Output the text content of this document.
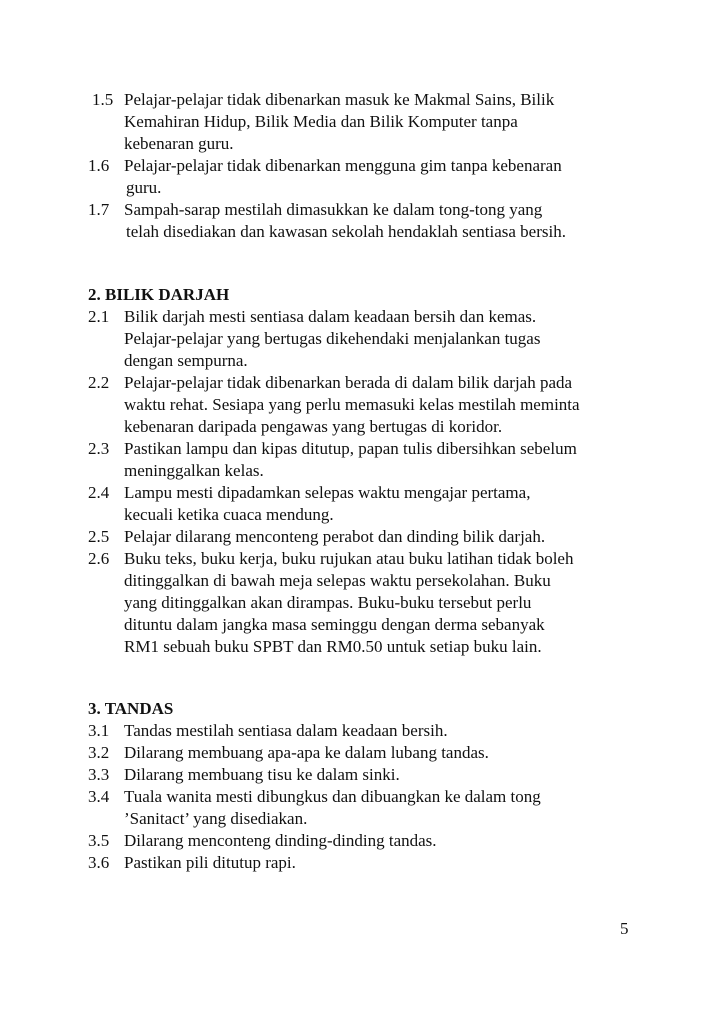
1.5 Pelajar-pelajar tidak dibenarkan masuk ke Makmal Sains, Bilik
Kemahiran Hidup, Bilik Media dan Bilik Komputer tanpa
kebenaran guru.
1.6 Pelajar-pelajar tidak dibenarkan mengguna gim tanpa kebenaran
guru.
1.7 Sampah-sarap mestilah dimasukkan ke dalam tong-tong yang
telah disediakan dan kawasan sekolah hendaklah sentiasa bersih.
2. BILIK DARJAH
2.1 Bilik darjah mesti sentiasa dalam keadaan bersih dan kemas.
Pelajar-pelajar yang bertugas dikehendaki menjalankan tugas
dengan sempurna.
2.2 Pelajar-pelajar tidak dibenarkan berada di dalam bilik darjah pada
waktu rehat. Sesiapa yang perlu memasuki kelas mestilah meminta
kebenaran daripada pengawas yang bertugas di koridor.
2.3 Pastikan lampu dan kipas ditutup, papan tulis dibersihkan sebelum
meninggalkan kelas.
2.4 Lampu mesti dipadamkan selepas waktu mengajar pertama,
kecuali ketika cuaca mendung.
2.5 Pelajar dilarang menconteng perabot dan dinding bilik darjah.
2.6 Buku teks, buku kerja, buku rujukan atau buku latihan tidak boleh
ditinggalkan di bawah meja selepas waktu persekolahan. Buku
yang ditinggalkan akan dirampas. Buku-buku tersebut perlu
dituntu dalam jangka masa seminggu dengan derma sebanyak
RM1 sebuah buku SPBT dan RM0.50 untuk setiap buku lain.
3. TANDAS
3.1 Tandas mestilah sentiasa dalam keadaan bersih.
3.2 Dilarang membuang apa-apa ke dalam lubang tandas.
3.3 Dilarang membuang tisu ke dalam sinki.
3.4 Tuala wanita mesti dibungkus dan dibuangkan ke dalam tong
’Sanitact’ yang disediakan.
3.5 Dilarang menconteng dinding-dinding tandas.
3.6 Pastikan pili ditutup rapi.
5
